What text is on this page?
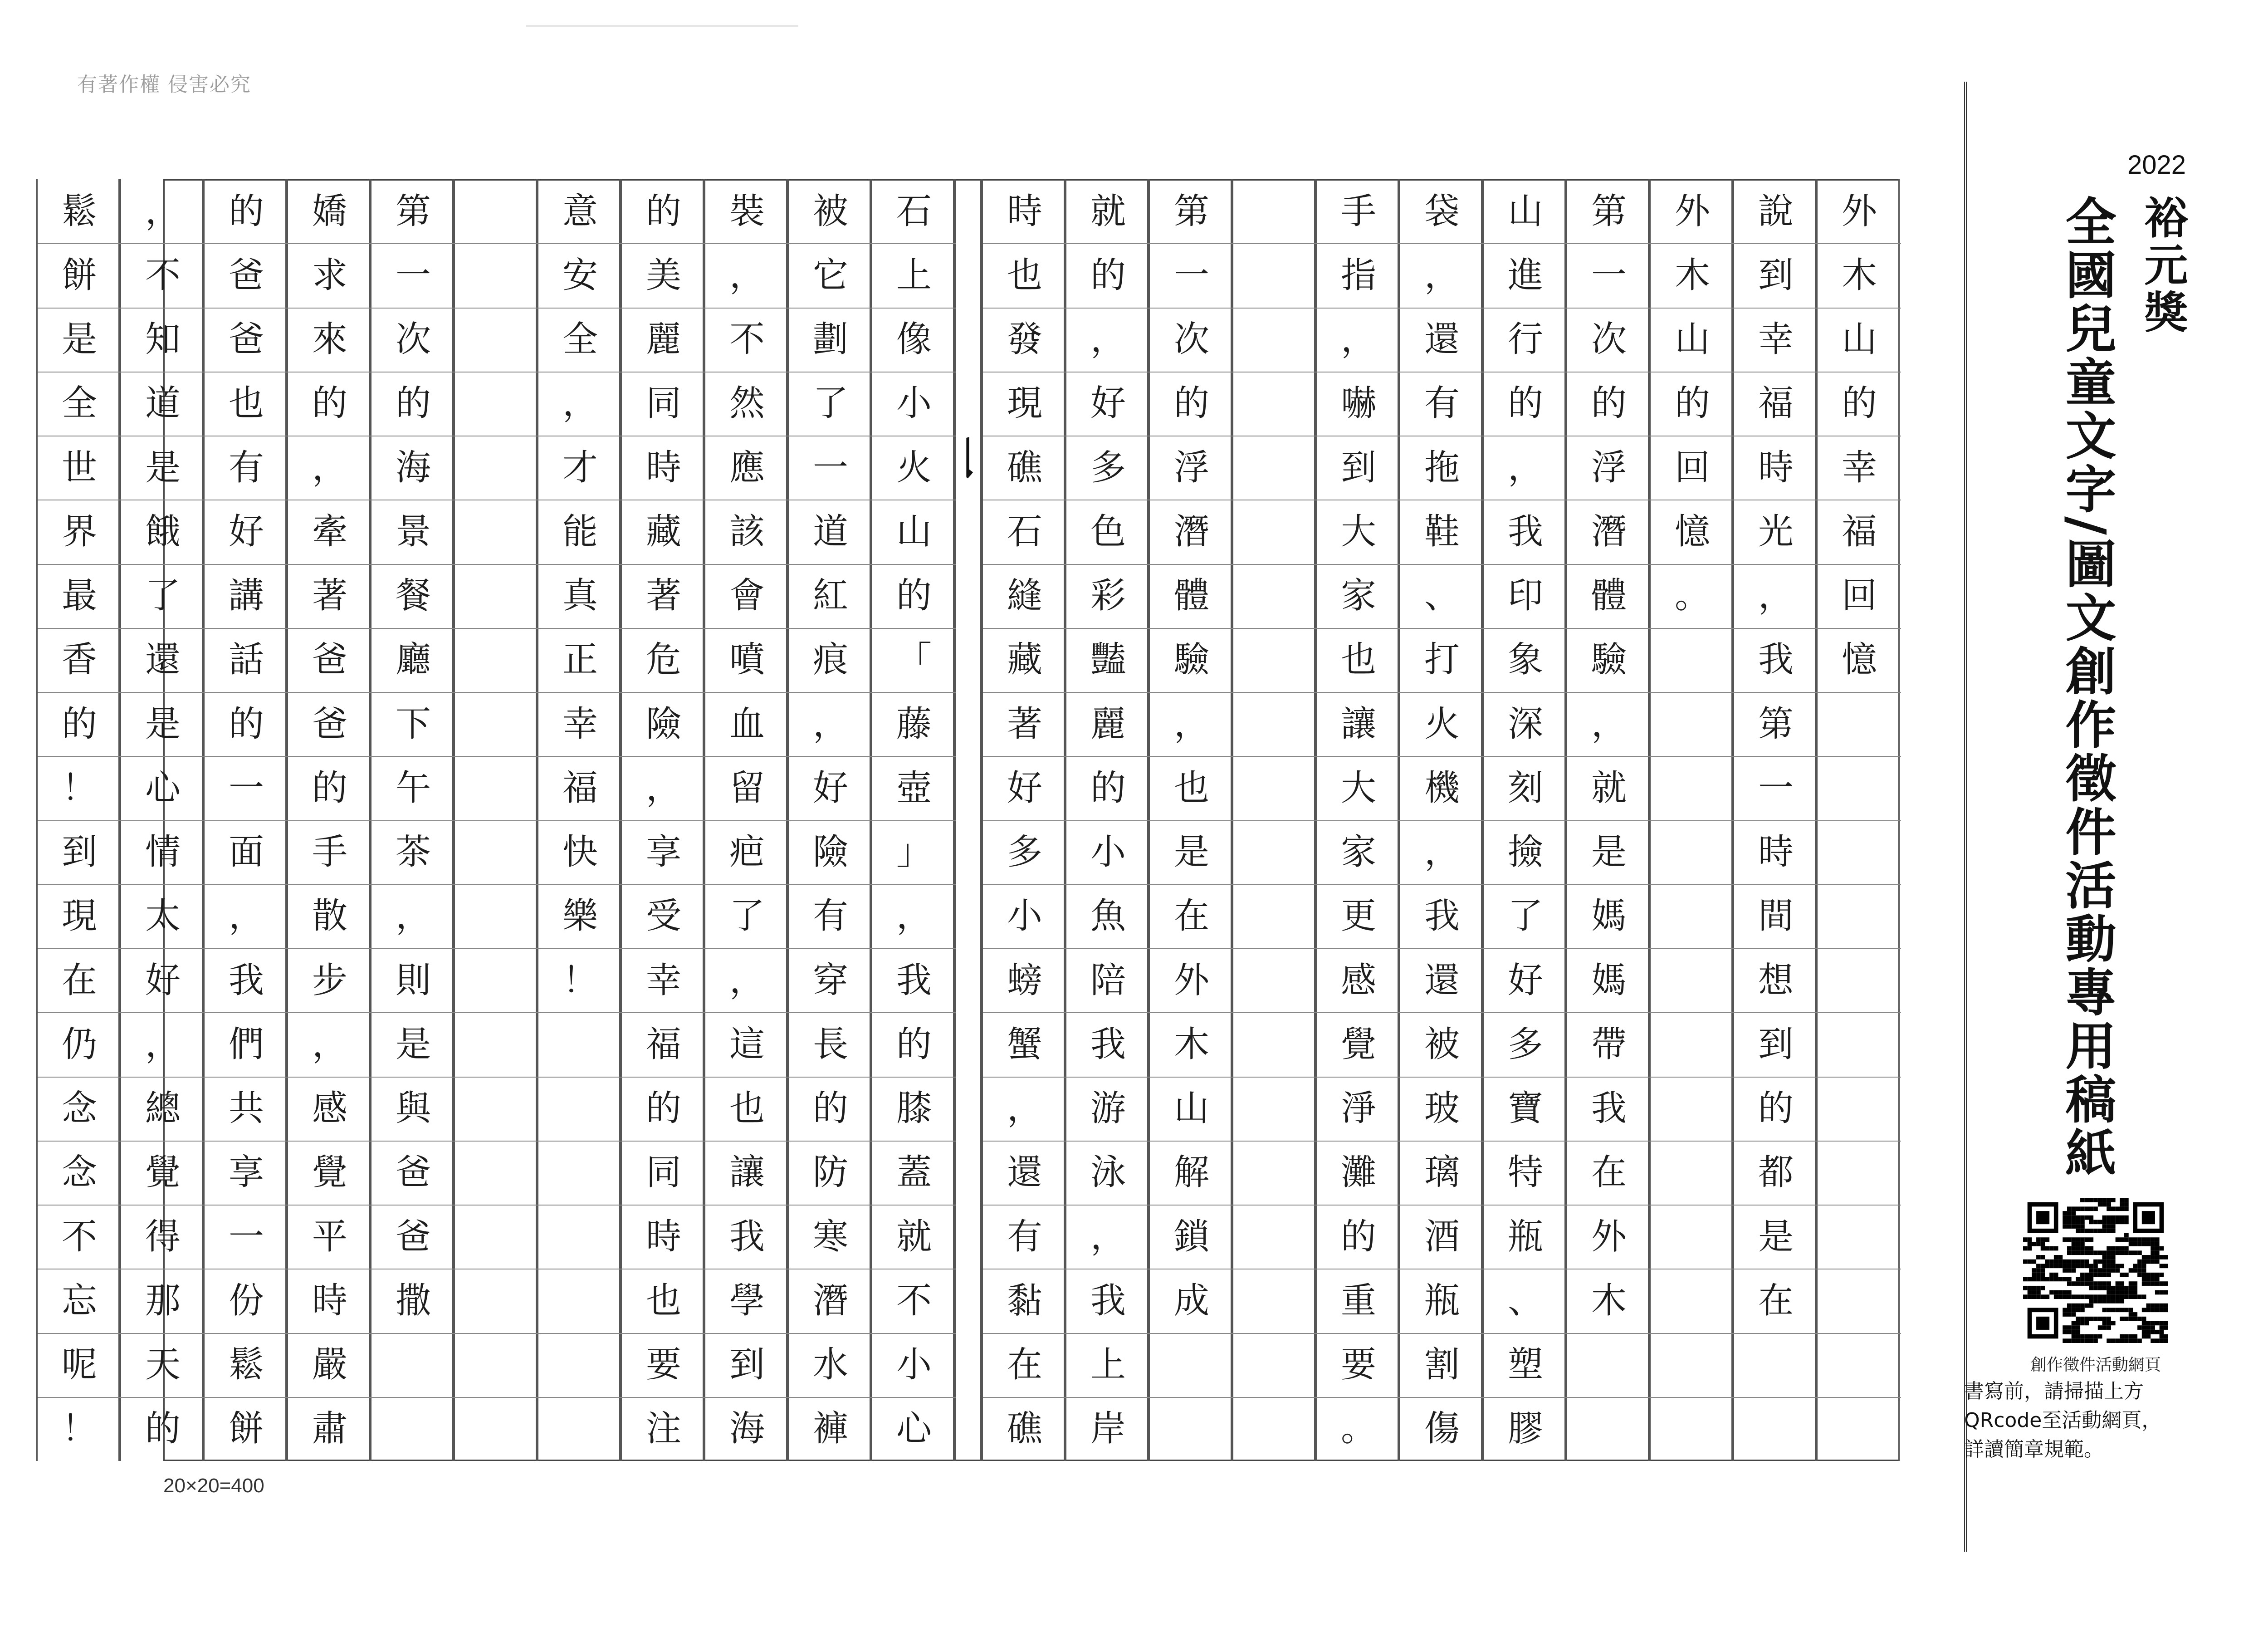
有著作權 侵害必究
一
外
木
山
的
幸
福
回
憶
說
到
幸
福
時
光
，
我
第
一
時
間
想
到
的
都
是
在
外
木
山
的
回
憶
。
第
一
次
的
浮
潛
體
驗
，
就
是
媽
媽
帶
我
在
外
木
山
進
行
的
，
我
印
象
深
刻
撿
了
好
多
寶
特
瓶
、
塑
膠
袋
，
還
有
拖
鞋
、
打
火
機
，
我
還
被
玻
璃
酒
瓶
割
傷
手
指
，
嚇
到
大
家
也
讓
大
家
更
感
覺
淨
灘
的
重
要
。
第
一
次
的
浮
潛
體
驗
，
也
是
在
外
木
山
解
鎖
成
就
的
，
好
多
色
彩
豔
麗
的
小
魚
陪
我
游
泳
，
我
上
岸
時
也
發
現
礁
石
縫
藏
著
好
多
小
螃
蟹
，
還
有
黏
在
礁
石
上
像
小
火
山
的
「
藤
壺
」
，
我
的
膝
蓋
就
不
小
心
被
它
劃
了
一
道
紅
痕
，
好
險
有
穿
長
的
防
寒
潛
水
褲
裝
，
不
然
應
該
會
噴
血
留
疤
了
，
這
也
讓
我
學
到
海
的
美
麗
同
時
藏
著
危
險
，
享
受
幸
福
的
同
時
也
要
注
意
安
全
，
才
能
真
正
幸
福
快
樂
！
第
一
次
的
海
景
餐
廳
下
午
茶
，
則
是
與
爸
爸
撒
嬌
求
來
的
，
牽
著
爸
爸
的
手
散
步
，
感
覺
平
時
嚴
肅
的
爸
爸
也
有
好
講
話
的
一
面
，
我
們
共
享
一
份
鬆
餅
，
不
知
道
是
餓
了
還
是
心
情
太
好
，
總
覺
得
那
天
的
鬆
餅
是
全
世
界
最
香
的
！
到
現
在
仍
念
念
不
忘
呢
！
20×20=400
2022
裕元獎
全國兒童文字/圖文創作徵件活動專用稿紙
創作徵件活動網頁
書寫前，請掃描上方QRcode至活動網頁，詳讀簡章規範。
